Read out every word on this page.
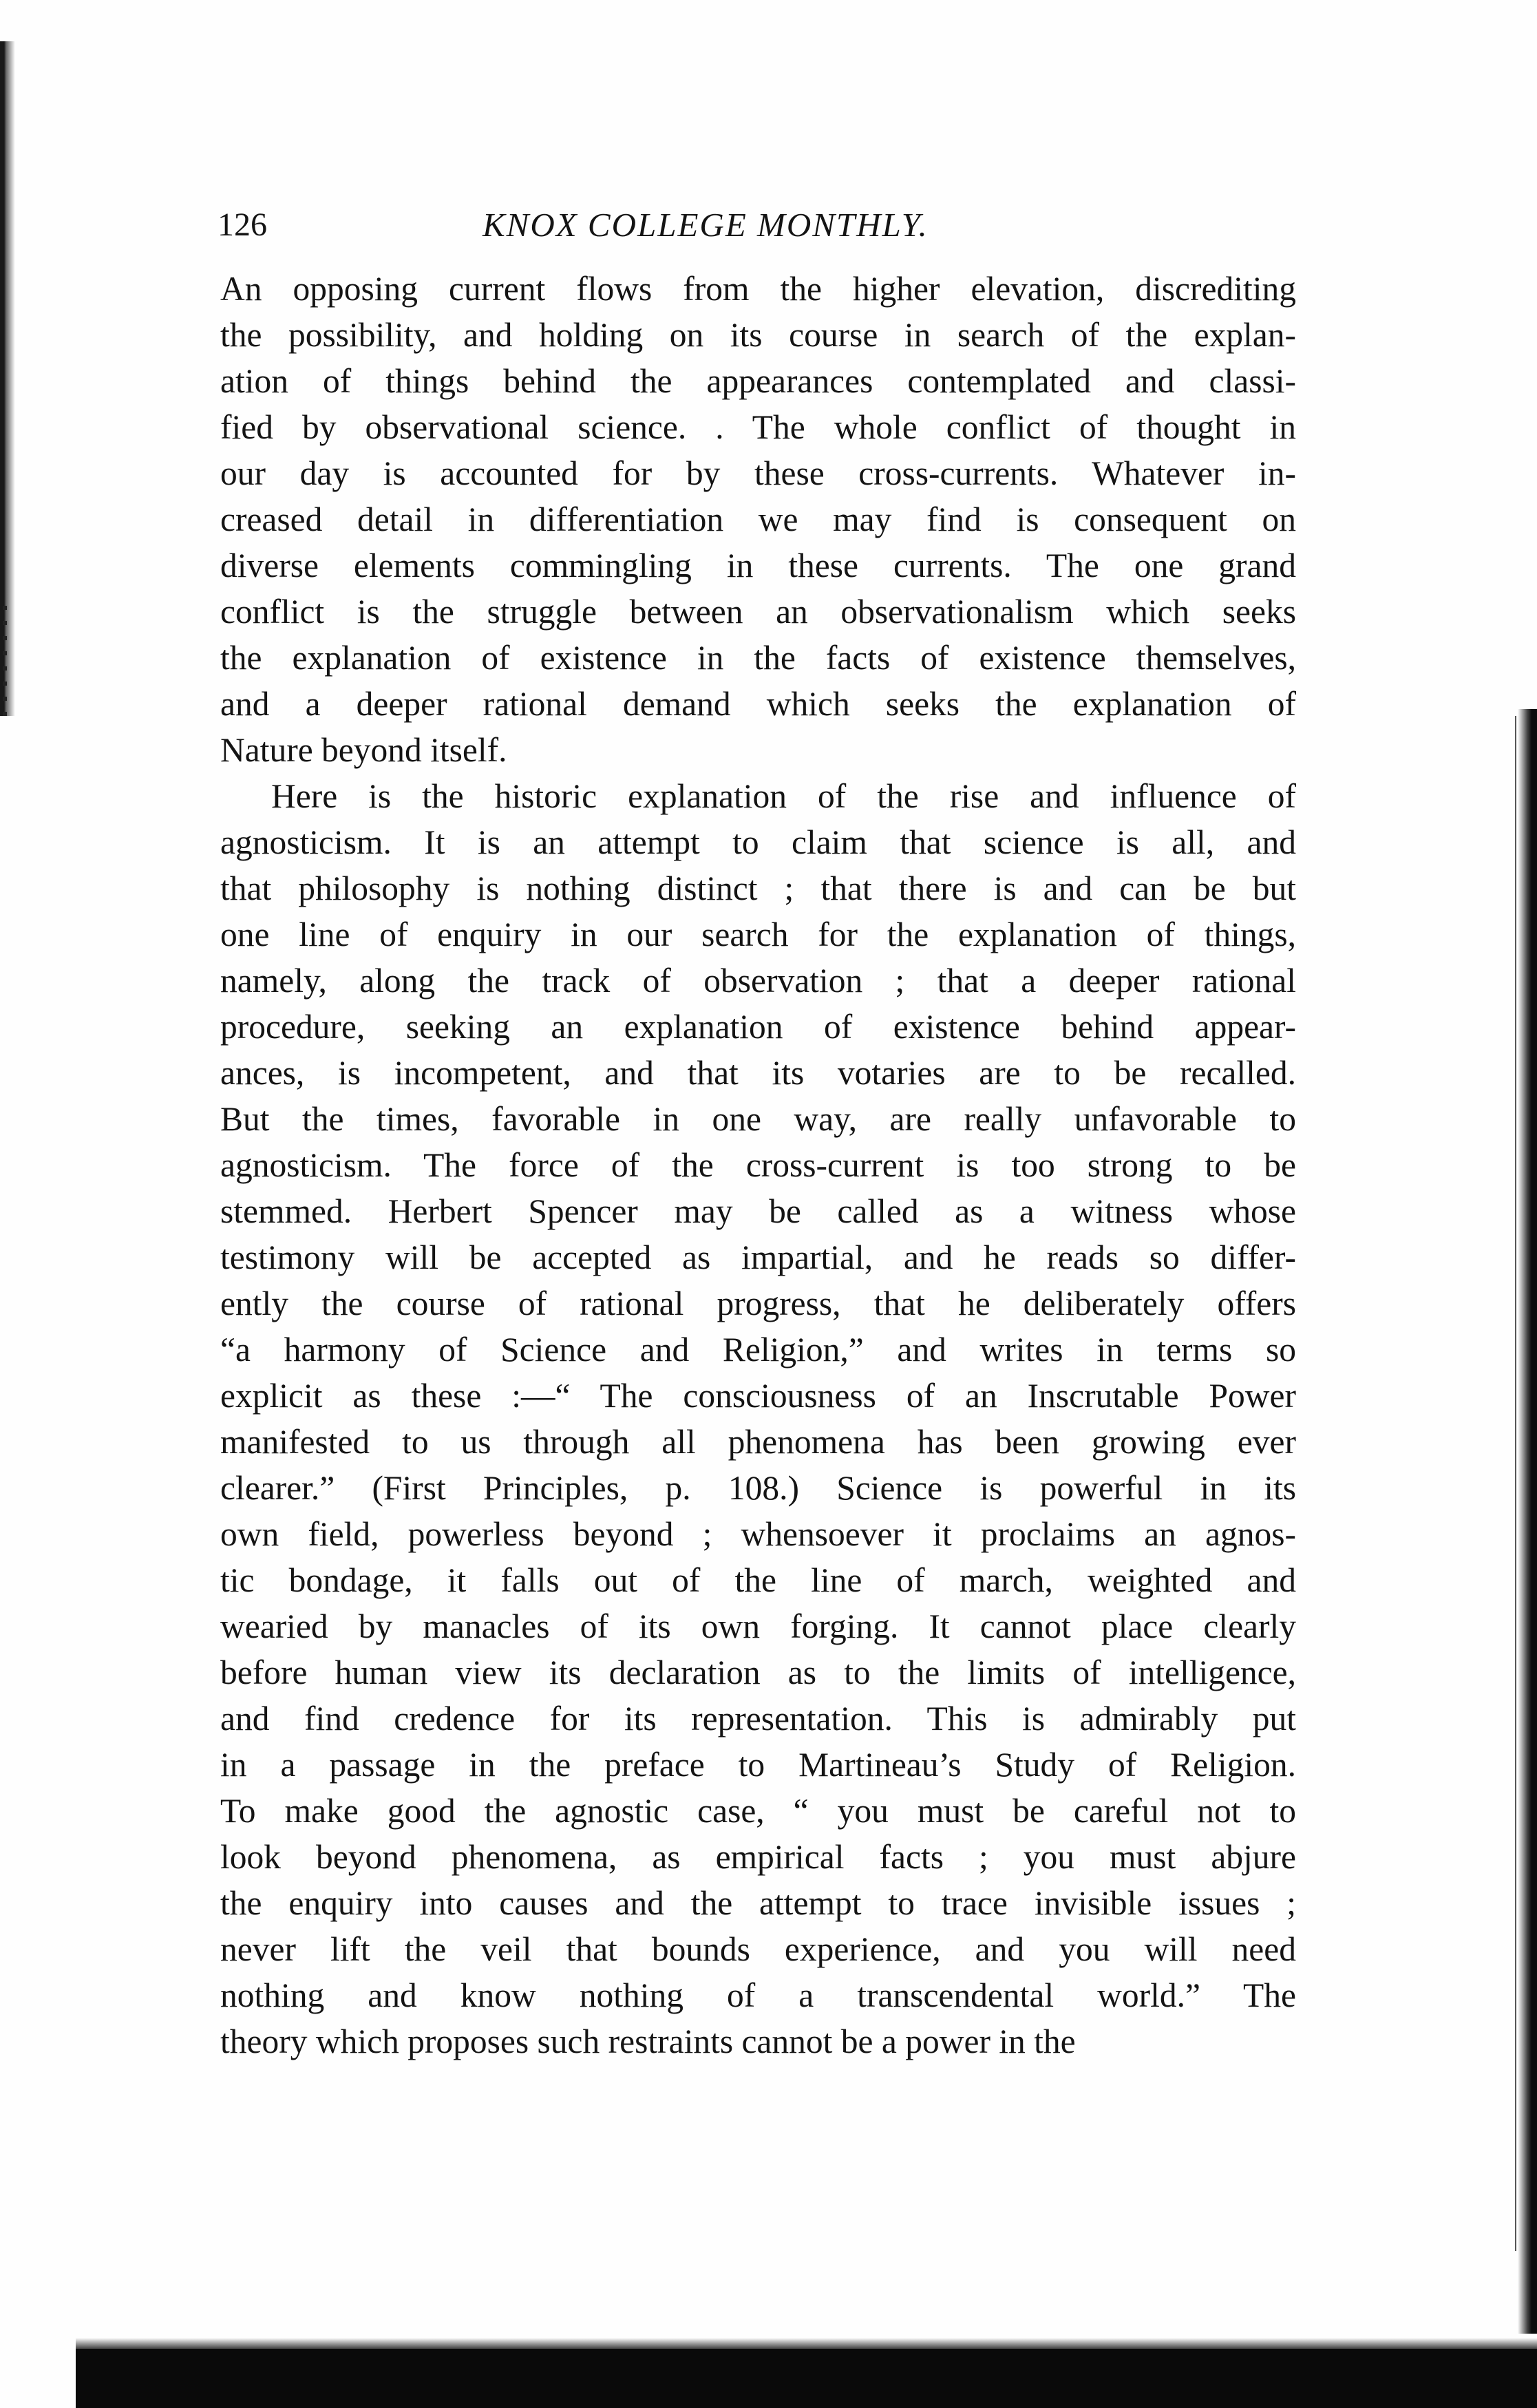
126	KNOX COLLEGE MONTHLY.

An opposing current flows from the higher elevation, discrediting
the possibility, and holding on its course in search of the explan-
ation of things behind the appearances contemplated and classi-
fied by observational science. . The whole conflict of thought in
our day is accounted for by these cross-currents. Whatever in-
creased detail in differentiation we may find is consequent on
diverse elements commingling in these currents. The one grand
conflict is the struggle between an observationalism which seeks
the explanation of existence in the facts of existence themselves,
and a deeper rational demand which seeks the explanation of
Nature beyond itself.

Here is the historic explanation of the rise and influence of
agnosticism. It is an attempt to claim that science is all, and
that philosophy is nothing distinct ; that there is and can be but
one line of enquiry in our search for the explanation of things,
namely, along the track of observation ; that a deeper rational
procedure, seeking an explanation of existence behind appear-
ances, is incompetent, and that its votaries are to be recalled.
But the times, favorable in one way, are really unfavorable to
agnosticism. The force of the cross-current is too strong to be
stemmed. Herbert Spencer may be called as a witness whose
testimony will be accepted as impartial, and he reads so differ-
ently the course of rational progress, that he deliberately offers
“a harmony of Science and Religion,” and writes in terms so
explicit as these :—“ The consciousness of an Inscrutable Power
manifested to us through all phenomena has been growing ever
clearer.” (First Principles, p. 108.) Science is powerful in its
own field, powerless beyond ; whensoever it proclaims an agnos-
tic bondage, it falls out of the line of march, weighted and
wearied by manacles of its own forging. It cannot place clearly
before human view its declaration as to the limits of intelligence,
and find credence for its representation. This is admirably put
in a passage in the preface to Martineau’s Study of Religion.
To make good the agnostic case, “ you must be careful not to
look beyond phenomena, as empirical facts ; you must abjure
the enquiry into causes and the attempt to trace invisible issues ;
never lift the veil that bounds experience, and you will need
nothing and know nothing of a transcendental world.” The
theory which proposes such restraints cannot be a power in the
